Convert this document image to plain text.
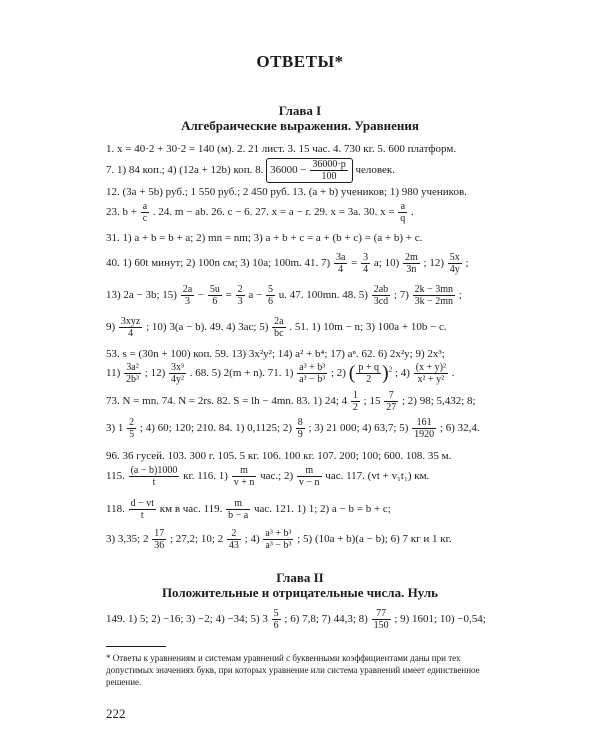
ОТВЕТЫ*
Глава I
Алгебраические выражения. Уравнения
1. x = 40·2 + 30·2 = 140 (м). 2. 21 лист. 3. 15 час. 4. 730 кг. 5. 600 платформ.
7. 1) 84 коп.; 4) (12a + 12b) коп. 8. $36000 - \frac{36000\cdot p}{100}$ человек.
12. (3a + 5b) руб.; 1 550 руб.; 2 450 руб. 13. (a + b) учеников; 1) 980 учеников.
23. $b + \frac{a}{c}$ . 24. m − ab. 26. c − 6. 27. x = a − r. 29. x = 3a. 30. $x = \frac{a}{q}$ .
31. 1) a + b = b + a; 2) mn = nm; 3) a + b + c = a + (b + c) = (a + b) + c.
40. 1) 60t минут; 2) 100n см; 3) 10a; 100m. 41. $7) \frac{3a}{4} = \frac{3}{4} a$; $10) \frac{2m}{3n}$ ; $12) \frac{5x}{4y}$ ;
13) 2a − 3b; $15) \frac{2a}{3} - \frac{5u}{6} = \frac{2}{3}$ $a - \frac{5}{6} u$. 47. 100mn. 48. $5) \frac{2ab}{3cd}$ ; $7) \frac{2k - 3mn}{3k - 2mn}$ ;
$9) \frac{\text{3xyz}}{4}$ ; 10) 3(a − b). 49. 4) 3ac; $5) \frac{2a}{bc}$ . 51. 1) 10m − n; 3) 100a + 10b − c.
53. s = (30n + 100) коп. 59. 13) 3x²y²; 14) a² + b⁴; 17) aⁿ. 62. 6) 2x²y; 9) 2x³;
$11) \frac{\text{3a²}}{\text{2b³}}$ ; $12) \frac{\text{3x³}}{\text{4y²}}$ . 68. 5) 2(m + n). 71. $1) \frac{\text{a³ + b³}}{\text{a³ − b³}}$ ; 2) ( $\frac{p + q}{2} )^2$ ; $4) \frac{\text{(x + y)²}}{\text{x² + y²}}$ .
73. N = mn. 74. N = 2rs. 82. S = lh − 4mn. 83. 1) 24; $4 \frac{1}{2}$ ; $15 \frac{7}{27}$ ; 2) 98; 5,432; 8;
3) $1 \frac{2}{5}$ ; 4) 60; 120; 210. 84. 1) 0,1125; $2) \frac{8}{9}$ ; 3) 21 000; 4) 63,7; $5) \frac{161}{1920}$ ; 6) 32,4.
96. 36 гусей. 103. 300 г. 105. 5 кг. 106. 100 кг. 107. 200; 100; 600. 108. 35 м.
115. $\frac{(a - b)1000}{t}$ кг. 116. $1) \frac{m}{v + n}$ час.; $2) \frac{m}{v - n}$ час. 117. (vt + v₁t₁) км.
118. $\frac{d - vt}{t}$ км в час. 119. $\frac{m}{b - a}$ час. 121. 1) 1; 2) a − b = b + c;
3) 3,35; $2 \frac{17}{36}$ ; 27,2; 10; $2 \frac{2}{43}$ ; $4) \frac{\text{a³ + b³}}{\text{a³ − b³}}$ ; 5) (10a + b)(a − b); 6) 7 кг и 1 кг.
Глава II
Положительные и отрицательные числа. Нуль
149. 1) 5; 2) −16; 3) −2; 4) −34; 5) $3 \frac{5}{6}$ ; 6) 7,8; 7) 44,3; $8) \frac{77}{150}$ ; 9) 1601; 10) −0,54;
* Ответы к уравнениям и системам уравнений с буквенными коэффициентами даны при тех допустимых значениях букв, при которых уравнение или система уравнений имеет единственное решение.
222
